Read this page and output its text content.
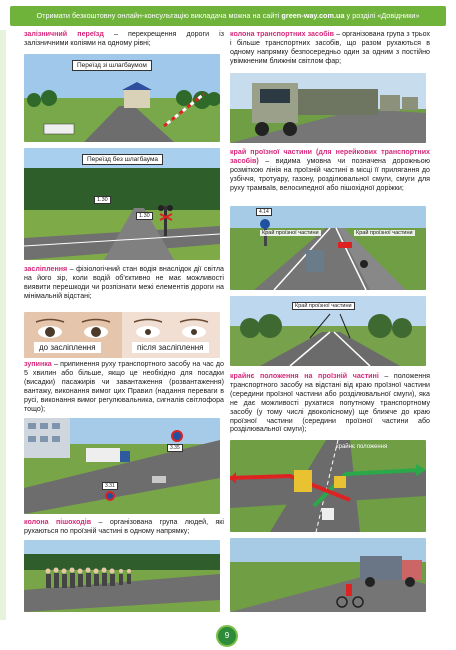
Отримати безкоштовну онлайн-консультацію викладача можна на сайті green-way.com.ua у розділі «Довідники»

залізничний переїзд – перехрещення дороги із залізничними коліями на одному рівні;

Переїзд зі шлагбаумом
Переїзд без шлагбаума
1.30
1.30

засліплення – фізіологічний стан водія внаслідок дії світла на його зір, коли водій об'єктивно не має можливості виявити перешкоди чи розпізнати межі елементів дороги на мінімальній відстані;

до засліплення	після засліплення

зупинка – припинення руху транспортного засобу на час до 5 хвилин або більше, якщо це необхідно для посадки (висадки) пасажирів чи завантаження (розвантаження) вантажу, виконання вимог цих Правил (надання переваги в русі, виконання вимог регулювальника, сигналів світлофора тощо);

3.35
3.31

колона пішоходів – організована група людей, які рухаються по проїзній частині в одному напрямку;

колона транспортних засобів – організована група з трьох і більше транспортних засобів, що разом рухаються в одному напрямку безпосередньо один за одним з постійно увімкненим ближнім світлом фар;

край проїзної частини (для нерейкових транспортних засобів) – видима умовна чи позначена дорожньою розміткою лінія на проїзній частині в місці її прилягання до узбіччя, тротуару, газону, розділювальної смуги, смуги для руху трамваїв, велосипедної або пішохідної доріжки;

Край проїзної частини	Край проїзної частини
4.14
Край проїзної частини

крайнє положення на проїзній частині – положення транспортного засобу на відстані від краю проїзної частини (середини проїзної частини або розділювальної смуги), яка не дає можливості рухатися попутному транспортному засобу (у тому числі двоколісному) ще ближче до краю проїзної частини (середини проїзної частини або розділювальної смуги);

крайнє положення
9
